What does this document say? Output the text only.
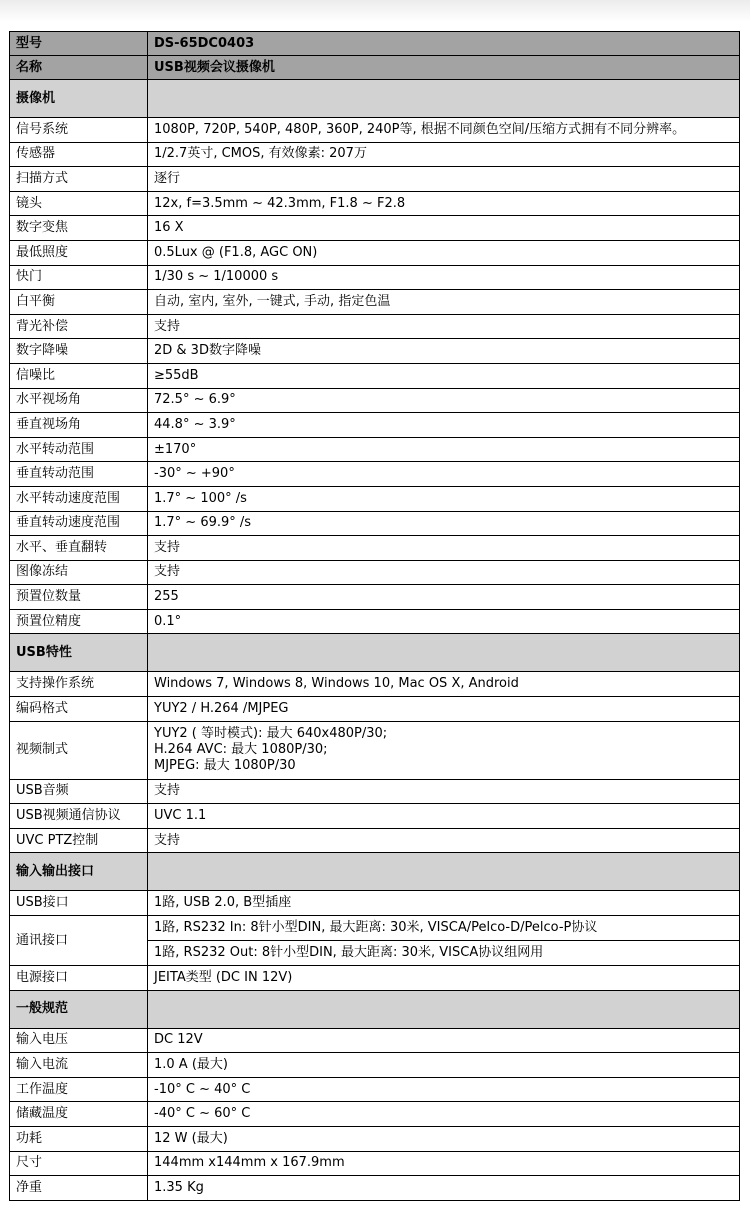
型号	DS-65DC0403
名称	USB视频会议摄像机
摄像机	
信号系统	1080P, 720P, 540P, 480P, 360P, 240P等, 根据不同颜色空间/压缩方式拥有不同分辨率。
传感器	1/2.7英寸, CMOS, 有效像素: 207万
扫描方式	逐行
镜头	12x, f=3.5mm ~ 42.3mm, F1.8 ~ F2.8
数字变焦	16 X
最低照度	0.5Lux @ (F1.8, AGC ON)
快门	1/30 s ~ 1/10000 s
白平衡	自动, 室内, 室外, 一键式, 手动, 指定色温
背光补偿	支持
数字降噪	2D & 3D数字降噪
信噪比	≥55dB
水平视场角	72.5° ~ 6.9°
垂直视场角	44.8° ~ 3.9°
水平转动范围	±170°
垂直转动范围	-30° ~ +90°
水平转动速度范围	1.7° ~ 100° /s
垂直转动速度范围	1.7° ~ 69.9° /s
水平、垂直翻转	支持
图像冻结	支持
预置位数量	255
预置位精度	0.1°
USB特性	
支持操作系统	Windows 7, Windows 8, Windows 10, Mac OS X, Android
编码格式	YUY2 / H.264 /MJPEG
视频制式	YUY2 ( 等时模式): 最大 640x480P/30;
H.264 AVC: 最大 1080P/30;
MJPEG: 最大 1080P/30
USB音频	支持
USB视频通信协议	UVC 1.1
UVC PTZ控制	支持
输入输出接口	
USB接口	1路, USB 2.0, B型插座
通讯接口	1路, RS232 In: 8针小型DIN, 最大距离: 30米, VISCA/Pelco-D/Pelco-P协议
	1路, RS232 Out: 8针小型DIN, 最大距离: 30米, VISCA协议组网用
电源接口	JEITA类型 (DC IN 12V)
一般规范	
输入电压	DC 12V
输入电流	1.0 A (最大)
工作温度	-10° C ~ 40° C
储藏温度	-40° C ~ 60° C
功耗	12 W (最大)
尺寸	144mm x144mm x 167.9mm
净重	1.35 Kg
